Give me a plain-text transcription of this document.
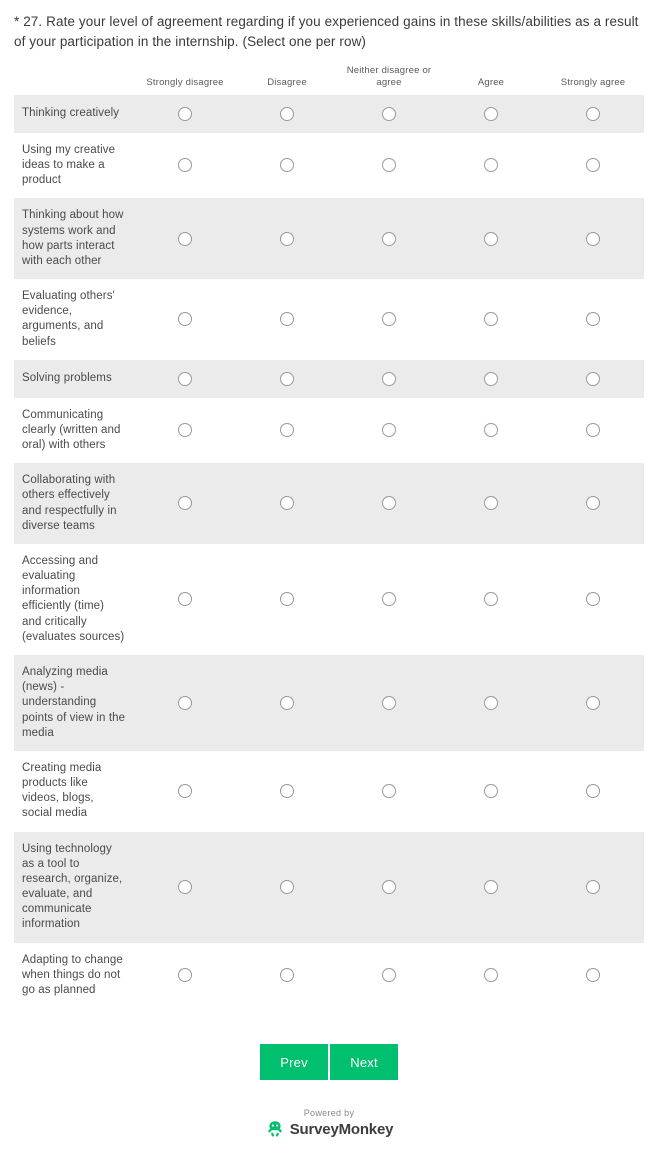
* 27. Rate your level of agreement regarding if you experienced gains in these skills/abilities as a result of your participation in the internship. (Select one per row)
	Strongly disagree	Disagree	Neither disagree or agree	Agree	Strongly agree
Thinking creatively					
Using my creative ideas to make a product					
Thinking about how systems work and how parts interact with each other					
Evaluating others' evidence, arguments, and beliefs					
Solving problems					
Communicating clearly (written and oral) with others					
Collaborating with others effectively and respectfully in diverse teams					
Accessing and evaluating information efficiently (time) and critically (evaluates sources)					
Analyzing media (news) - understanding points of view in the media					
Creating media products like videos, blogs, social media					
Using technology as a tool to research, organize, evaluate, and communicate information					
Adapting to change when things do not go as planned					
Prev	Next
Powered by
SurveyMonkey
